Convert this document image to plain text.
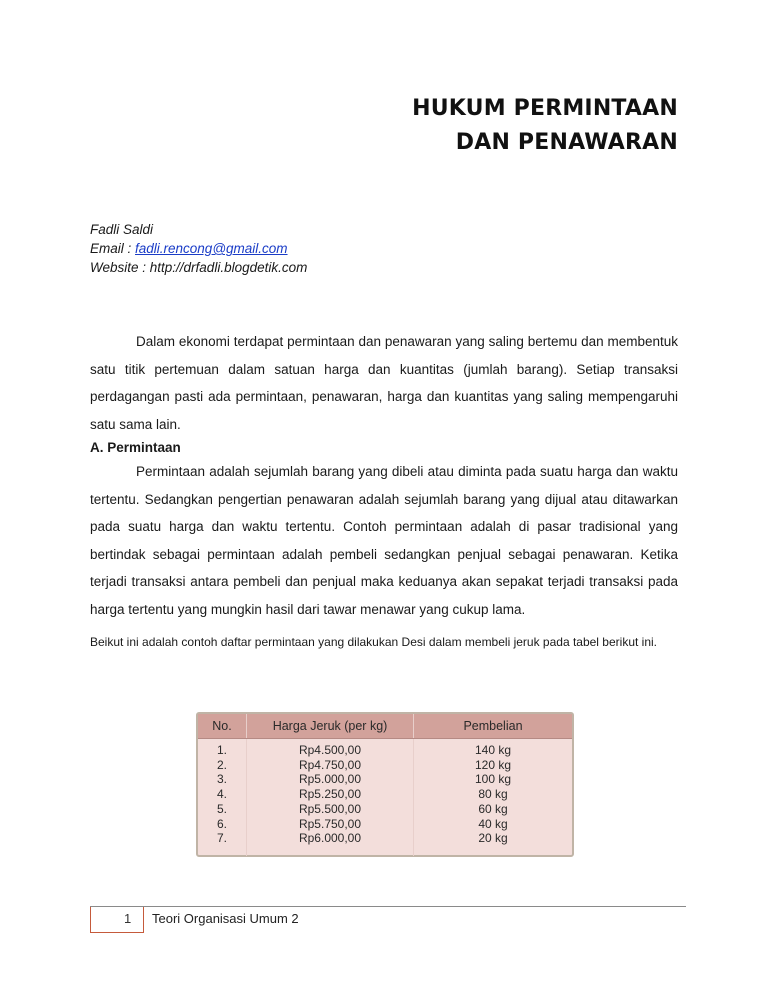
HUKUM PERMINTAAN
DAN PENAWARAN
Fadli Saldi
Email : fadli.rencong@gmail.com
Website : http://drfadli.blogdetik.com

Dalam ekonomi terdapat permintaan dan penawaran yang saling bertemu dan membentuk satu titik pertemuan dalam satuan harga dan kuantitas (jumlah barang). Setiap transaksi perdagangan pasti ada permintaan, penawaran, harga dan kuantitas yang saling mempengaruhi satu sama lain.

A. Permintaan

Permintaan adalah sejumlah barang yang dibeli atau diminta pada suatu harga dan waktu tertentu. Sedangkan pengertian penawaran adalah sejumlah barang yang dijual atau ditawarkan pada suatu harga dan waktu tertentu. Contoh permintaan adalah di pasar tradisional yang bertindak sebagai permintaan adalah pembeli sedangkan penjual sebagai penawaran. Ketika terjadi transaksi antara pembeli dan penjual maka keduanya akan sepakat terjadi transaksi pada harga tertentu yang mungkin hasil dari tawar menawar yang cukup lama.

Beikut ini adalah contoh daftar permintaan yang dilakukan Desi dalam membeli jeruk pada tabel berikut ini.

No.	Harga Jeruk (per kg)	Pembelian
1.
2.
3.
4.
5.
6.
7.
Rp4.500,00
Rp4.750,00
Rp5.000,00
Rp5.250,00
Rp5.500,00
Rp5.750,00
Rp6.000,00
140 kg
120 kg
100 kg
80 kg
60 kg
40 kg
20 kg
1 Teori Organisasi Umum 2
